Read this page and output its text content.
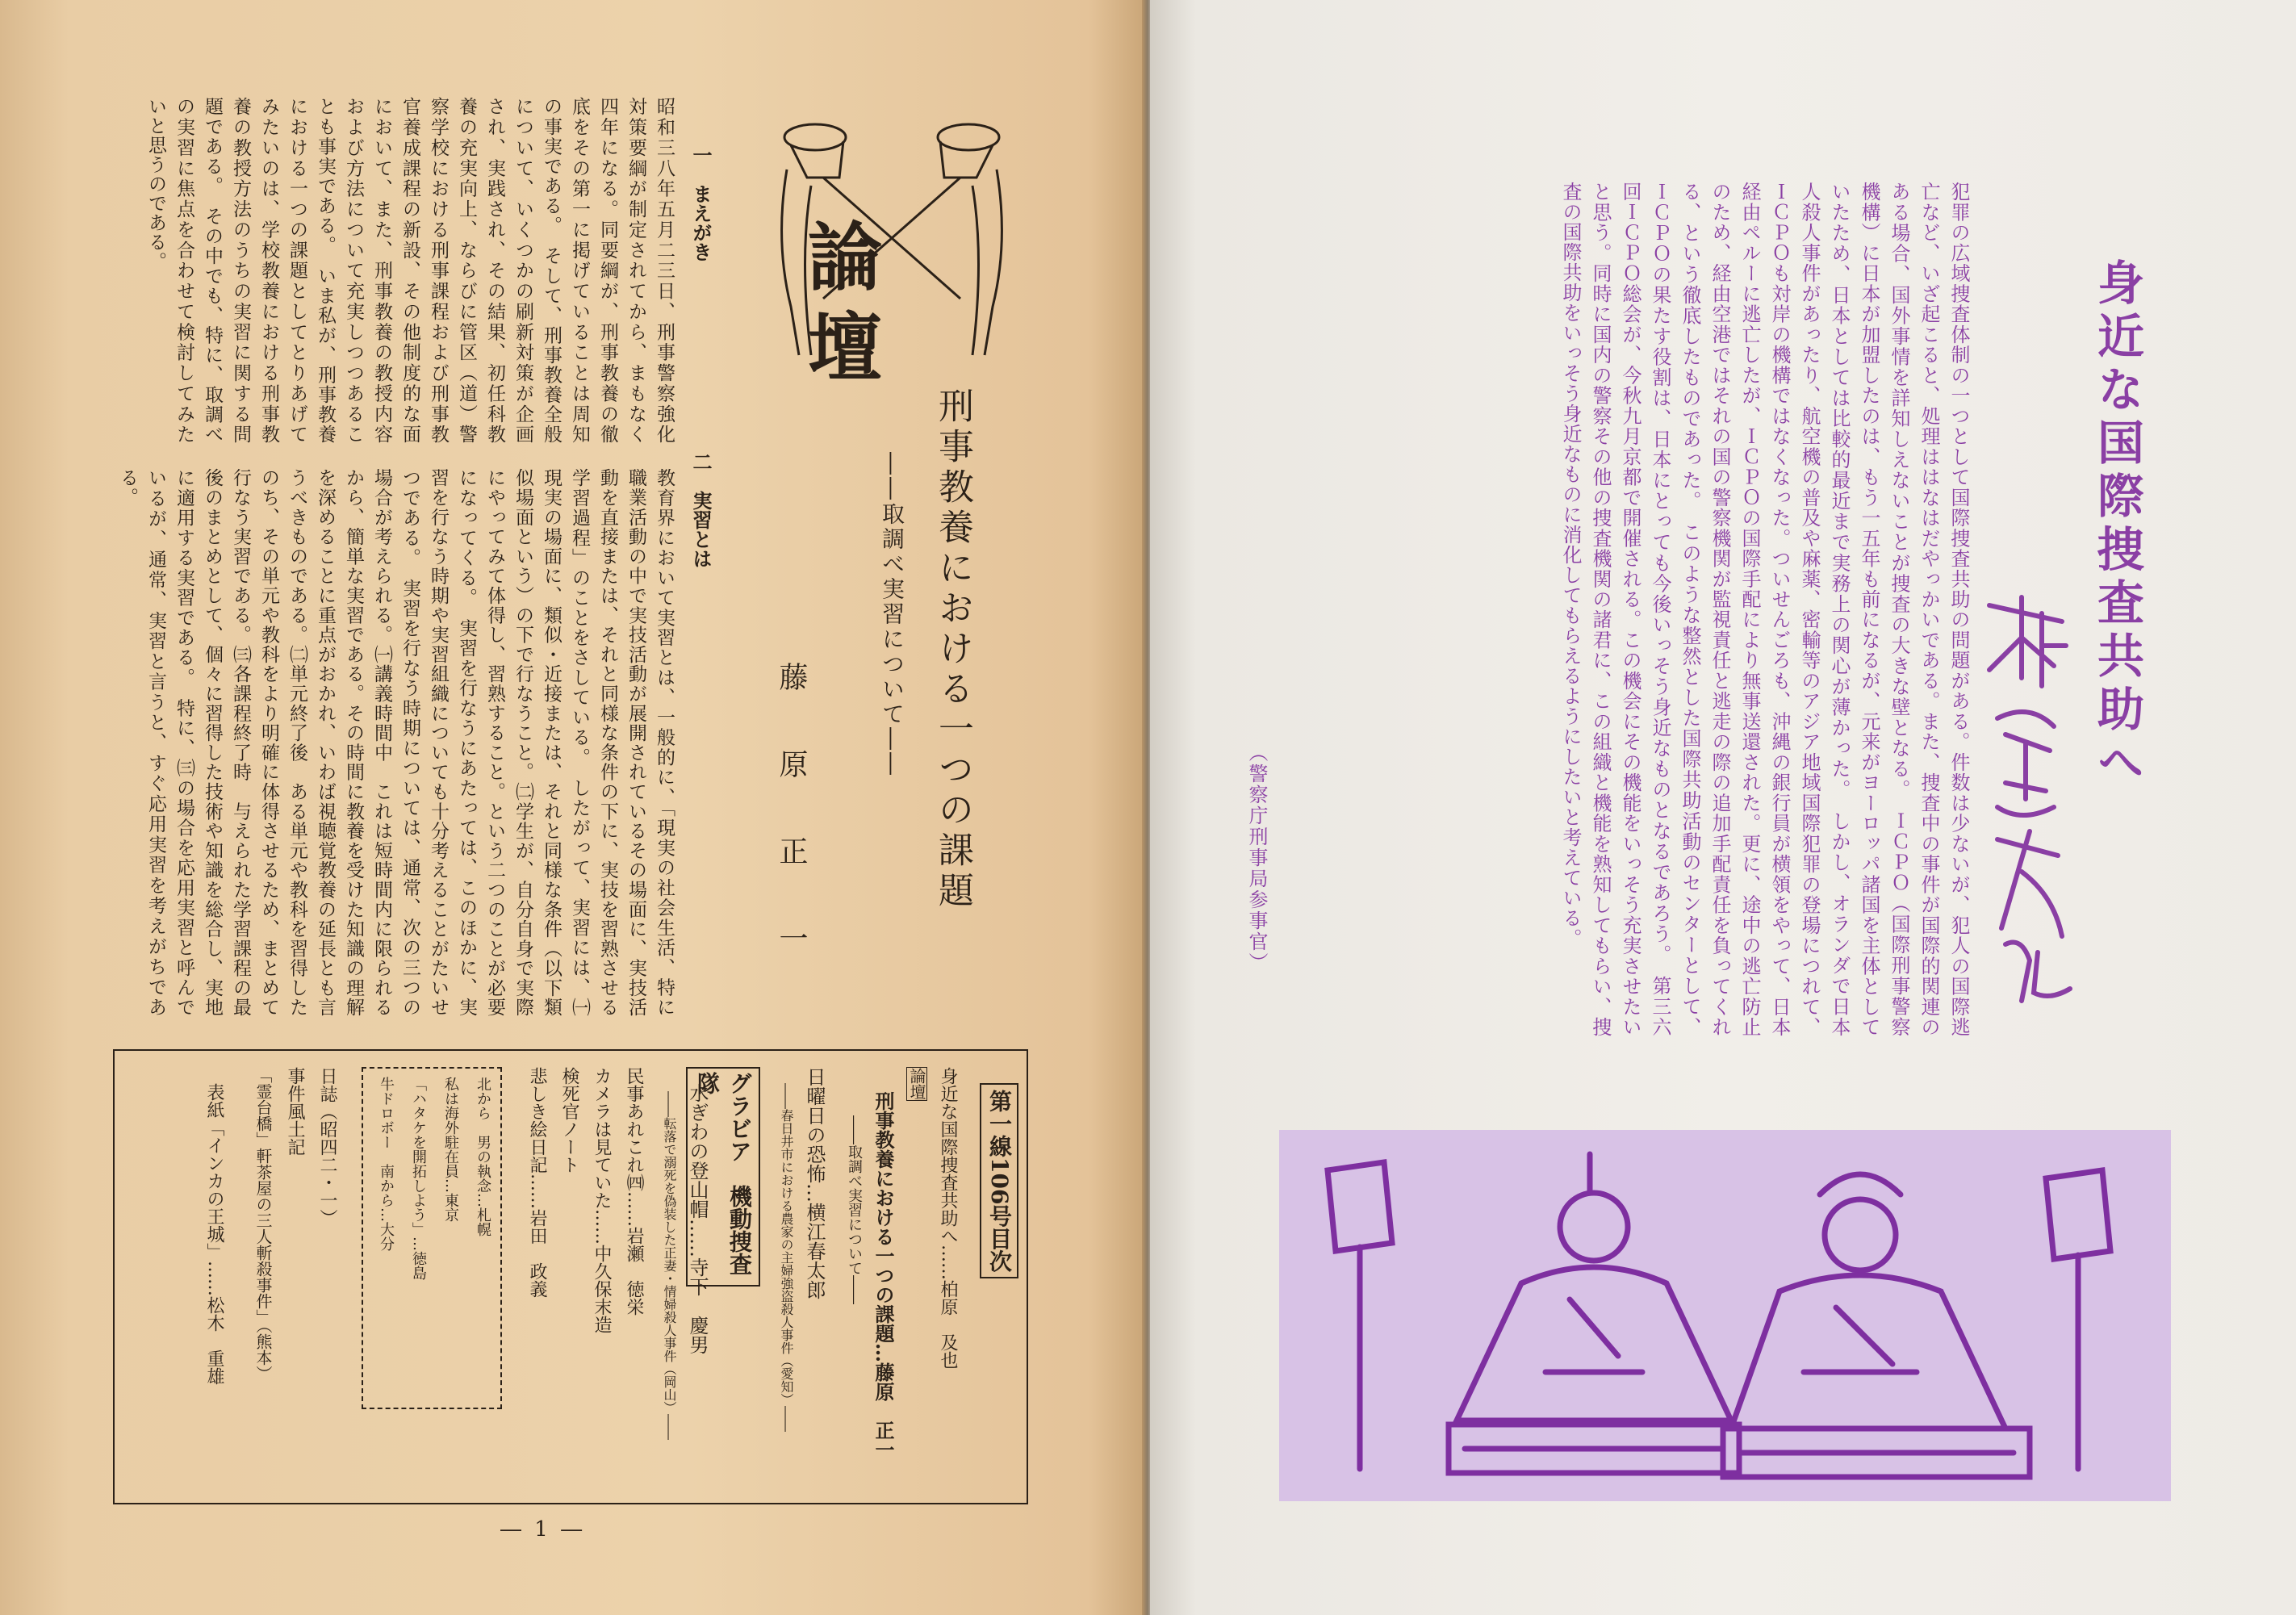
論壇
刑事教養における一つの課題
――取調べ実習について――
藤　原　正　一
一　まえがき
昭和三八年五月二三日、刑事警察強化対策要綱が制定されてから、まもなく四年になる。同要綱が、刑事教養の徹底をその第一に掲げていることは周知の事実である。　そして、刑事教養全般について、いくつかの刷新対策が企画され、実践され、その結果、初任科教養の充実向上、ならびに管区（道）警察学校における刑事課程および刑事教官養成課程の新設、その他制度的な面において、また、刑事教養の教授内容および方法について充実しつつあることも事実である。　いま私が、刑事教養における一つの課題としてとりあげてみたいのは、学校教養における刑事教養の教授方法のうちの実習に関する問題である。　その中でも、特に、取調べの実習に焦点を合わせて検討してみたいと思うのである。
二　実習とは
教育界において実習とは、一般的に、「現実の社会生活、特に職業活動の中で実技活動が展開されているその場面に、実技活動を直接または、それと同様な条件の下に、実技を習熟させる学習過程」のことをさしている。　したがって、実習には、㈠現実の場面に、類似・近接または、それと同様な条件（以下類似場面という）の下で行なうこと。㈡学生が、自分自身で実際にやってみて体得し、習熟すること。という二つのことが必要になってくる。　実習を行なうにあたっては、このほかに、実習を行なう時期や実習組織についても十分考えることがたいせつである。　実習を行なう時期については、通常、次の三つの場合が考えられる。㈠講義時間中　これは短時間内に限られるから、簡単な実習である。その時間に教養を受けた知識の理解を深めることに重点がおかれ、いわば視聴覚教養の延長とも言うべきものである。㈡単元終了後　ある単元や教科を習得したのち、その単元や教科をより明確に体得させるため、まとめて行なう実習である。㈢各課程終了時　与えられた学習課程の最後のまとめとして、個々に習得した技術や知識を総合し、実地に適用する実習である。　特に、㈢の場合を応用実習と呼んでいるが、通常、実習と言うと、すぐ応用実習を考えがちである。
第一線106号目次
身近な国際捜査共助へ……柏原　及也
論壇
刑事教養における一つの課題…藤原　正一
――取調べ実習について――
日曜日の恐怖…横江春太郎
――春日井市における農家の主婦強盗殺人事件（愛知）――
グラビア　機動捜査隊
水ぎわの登山帽……寺下　慶男
――転落で溺死を偽装した正妻・情婦殺人事件（岡山）――
民事あれこれ㈣……岩瀬　徳栄
カメラは見ていた……中久保末造
検死官ノート
悲しき絵日記……岩田　政義
北から　男の執念…札幌
私は海外駐在員…東京
「ハタケを開拓しよう」…徳島
牛ドロボー　南から…大分
日誌（昭四二・一）
事件風土記
「霊台橋」軒茶屋の三人斬殺事件」（熊本）
表紙「インカの王城」……松木　重雄
― 1 ―
身近な国際捜査共助へ
犯罪の広域捜査体制の一つとして国際捜査共助の問題がある。件数は少ないが、犯人の国際逃亡など、いざ起こると、処理ははなはだやっかいである。また、捜査中の事件が国際的関連のある場合、国外事情を詳知しえないことが捜査の大きな壁となる。　ＩＣＰＯ（国際刑事警察機構）に日本が加盟したのは、もう一五年も前になるが、元来がヨーロッパ諸国を主体としていたため、日本としては比較的最近まで実務上の関心が薄かった。　しかし、オランダで日本人殺人事件があったり、航空機の普及や麻薬、密輸等のアジア地域国際犯罪の登場につれて、ＩＣＰＯも対岸の機構ではなくなった。ついせんごろも、沖縄の銀行員が横領をやって、日本経由ペルーに逃亡したが、ＩＣＰＯの国際手配により無事送還された。更に、途中の逃亡防止のため、経由空港ではそれの国の警察機関が監視責任と逃走の際の追加手配責任を負ってくれる、という徹底したものであった。　このような整然とした国際共助活動のセンターとして、ＩＣＰＯの果たす役割は、日本にとっても今後いっそう身近なものとなるであろう。　第三六回ＩＣＰＯ総会が、今秋九月京都で開催される。この機会にその機能をいっそう充実させたいと思う。同時に国内の警察その他の捜査機関の諸君に、この組織と機能を熟知してもらい、捜査の国際共助をいっそう身近なものに消化してもらえるようにしたいと考えている。
（警察庁刑事局参事官）
